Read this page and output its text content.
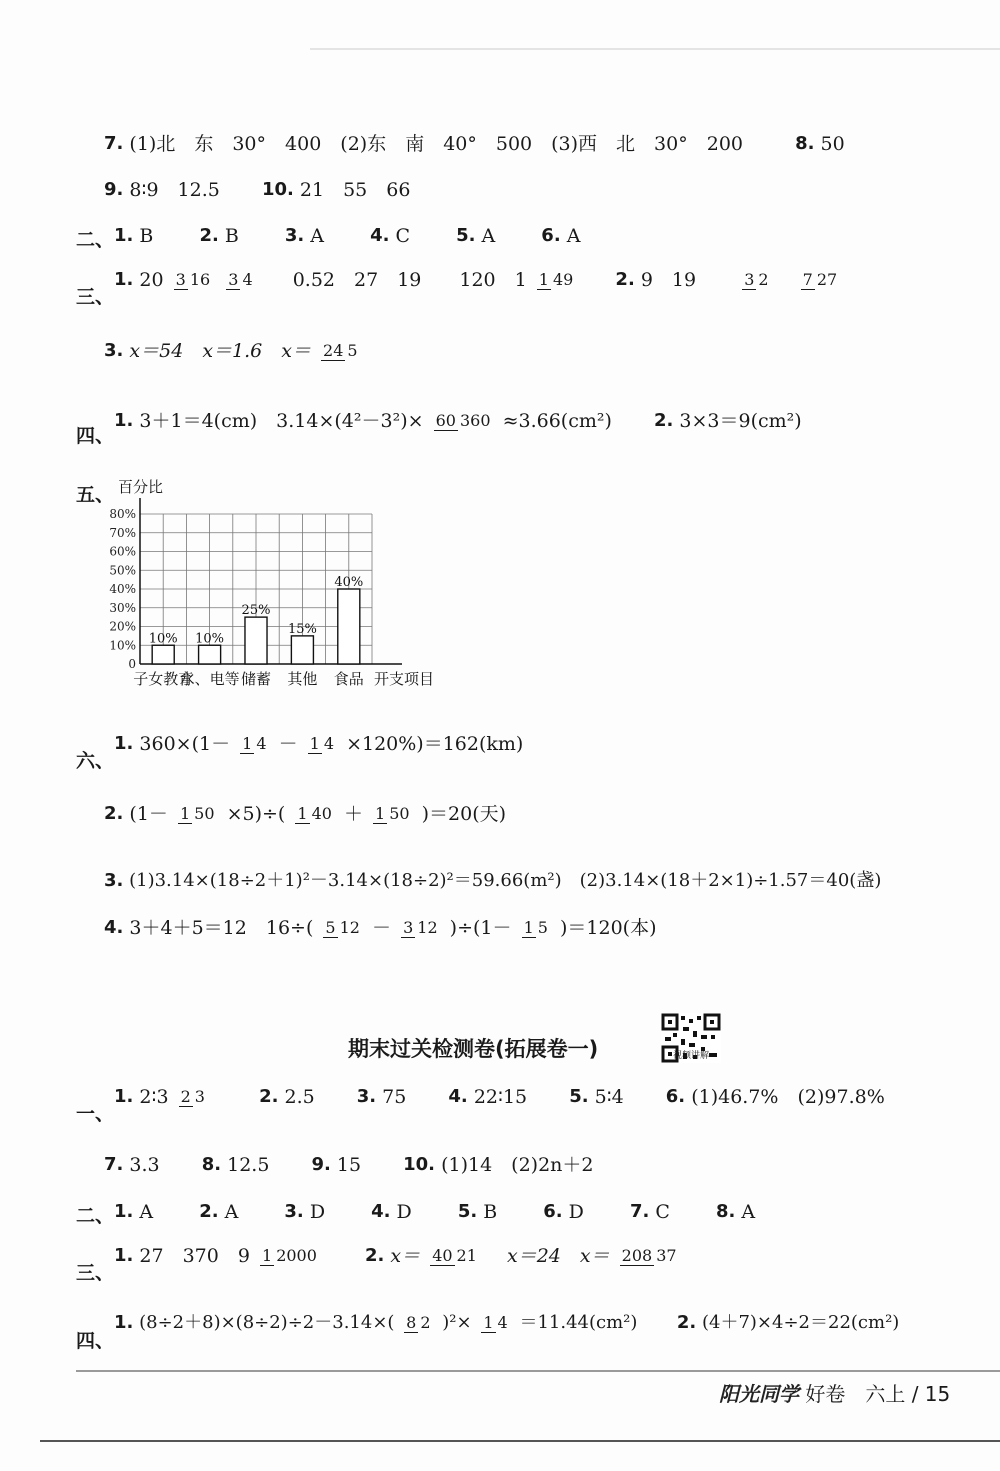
7. (1)北　东　30°　400　(2)东　南　40°　500　(3)西　北　30°　200	8. 50
9. 8∶9　12.5 10. 21　55　66
二、 1. B	2. B	3. A	4. C	5. A	6. A
三、
1. 20 3 16 3 4 0.52　27　19　　120　1 1 49 2. 9　19	3 2 7 27
3. x＝54　x＝1.6　x＝ 24 5
四、
1. 3＋1＝4(cm)　3.14×(4²－3²)× 60 360 ≈3.66(cm²) 2. 3×3＝9(cm²)
五、
0
10%
20%
30%
40%
50%
60%
70%
80%
百分比
开支项目
10%
子女教育
10%
水、电等
25%
储蓄
15%
其他
40%
食品
六、
1. 360×(1－ 1 4 － 1 4 ×120%)＝162(km)
2. (1－ 1 50 ×5)÷( 1 40 ＋ 1 50 )＝20(天)
3. (1)3.14×(18÷2＋1)²－3.14×(18÷2)²＝59.66(m²)　(2)3.14×(18＋2×1)÷1.57＝40(盏)
4. 3＋4＋5＝12　16÷( 5 12 － 3 12 )÷(1－ 1 5 )＝120(本)
期末过关检测卷(拓展卷一)	视频讲解
一、
1. 2∶3 2 3	2. 2.5 3. 75 4. 22∶15 5. 5∶4 6. (1)46.7%　(2)97.8%
7. 3.3 8. 12.5 9. 15 10. (1)14　(2)2n＋2
二、 1. A	2. A	3. D	4. D	5. B	6. D	7. C	8. A
三、
1. 27　370　9 1 2000	2. x＝ 40 21 x＝24　x＝ 208 37
四、
1. (8÷2＋8)×(8÷2)÷2－3.14×( 8 2 )²× 1 4 ＝11.44(cm²) 2. (4＋7)×4÷2＝22(cm²)
阳光同学 好卷　六上 / 15
